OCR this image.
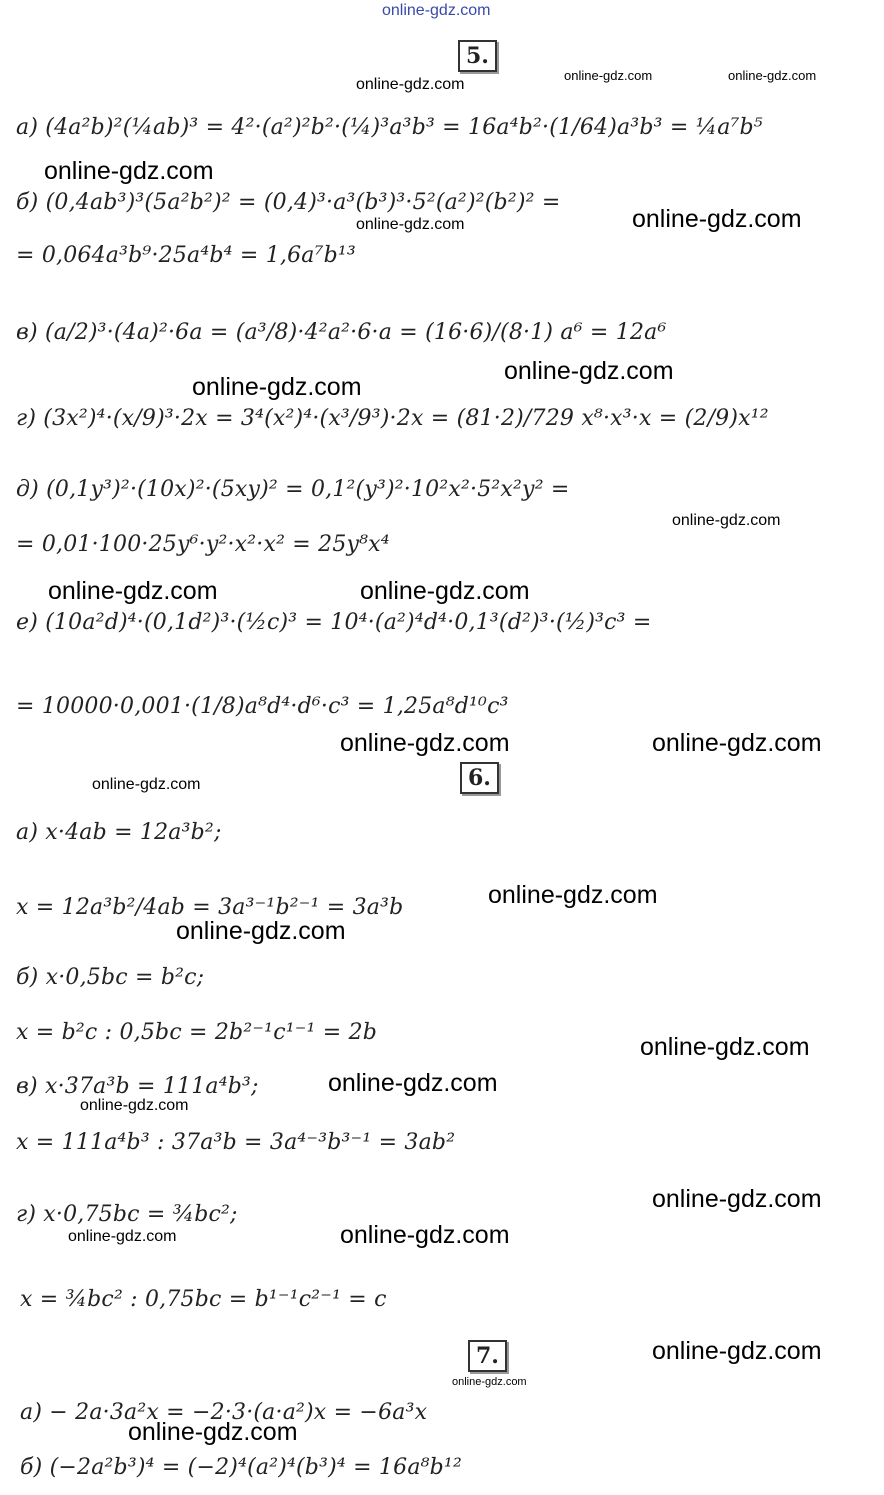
online-gdz.com
5.
а) (4a²b)²(¼ab)³ = 4²·(a²)²b²·(¼)³a³b³ = 16a⁴b²·(1/64)a³b³ = ¼a⁷b⁵
б) (0,4ab³)³(5a²b²)² = (0,4)³·a³(b³)³·5²(a²)²(b²)² =
= 0,064a³b⁹·25a⁴b⁴ = 1,6a⁷b¹³
в) (a/2)³·(4a)²·6a = (a³/8)·4²a²·6·a = (16·6)/(8·1) a⁶ = 12a⁶
г) (3x²)⁴·(x/9)³·2x = 3⁴(x²)⁴·(x³/9³)·2x = (81·2)/729 x⁸·x³·x = (2/9)x¹²
д) (0,1y³)²·(10x)²·(5xy)² = 0,1²(y³)²·10²x²·5²x²y² =
= 0,01·100·25y⁶·y²·x²·x² = 25y⁸x⁴
е) (10a²d)⁴·(0,1d²)³·(½c)³ = 10⁴·(a²)⁴d⁴·0,1³(d²)³·(½)³c³ =
= 10000·0,001·(1/8)a⁸d⁴·d⁶·c³ = 1,25a⁸d¹⁰c³
6.
а) x·4ab = 12a³b²;
x = 12a³b²/4ab = 3a³⁻¹b²⁻¹ = 3a³b
б) x·0,5bc = b²c;
x = b²c : 0,5bc = 2b²⁻¹c¹⁻¹ = 2b
в) x·37a³b = 111a⁴b³;
x = 111a⁴b³ : 37a³b = 3a⁴⁻³b³⁻¹ = 3ab²
г) x·0,75bc = ¾bc²;
x = ¾bc² : 0,75bc = b¹⁻¹c²⁻¹ = c
7.
а) − 2a·3a²x = −2·3·(a·a²)x = −6a³x
б) (−2a²b³)⁴ = (−2)⁴(a²)⁴(b³)⁴ = 16a⁸b¹²
online-gdz.com
online-gdz.com	online-gdz.com
online-gdz.com
online-gdz.com	online-gdz.com
online-gdz.com
online-gdz.com
online-gdz.com
online-gdz.com	online-gdz.com
online-gdz.com	online-gdz.com
online-gdz.com
online-gdz.com
online-gdz.com
online-gdz.com
online-gdz.com
online-gdz.com
online-gdz.com
online-gdz.com	online-gdz.com
online-gdz.com
online-gdz.com
online-gdz.com
